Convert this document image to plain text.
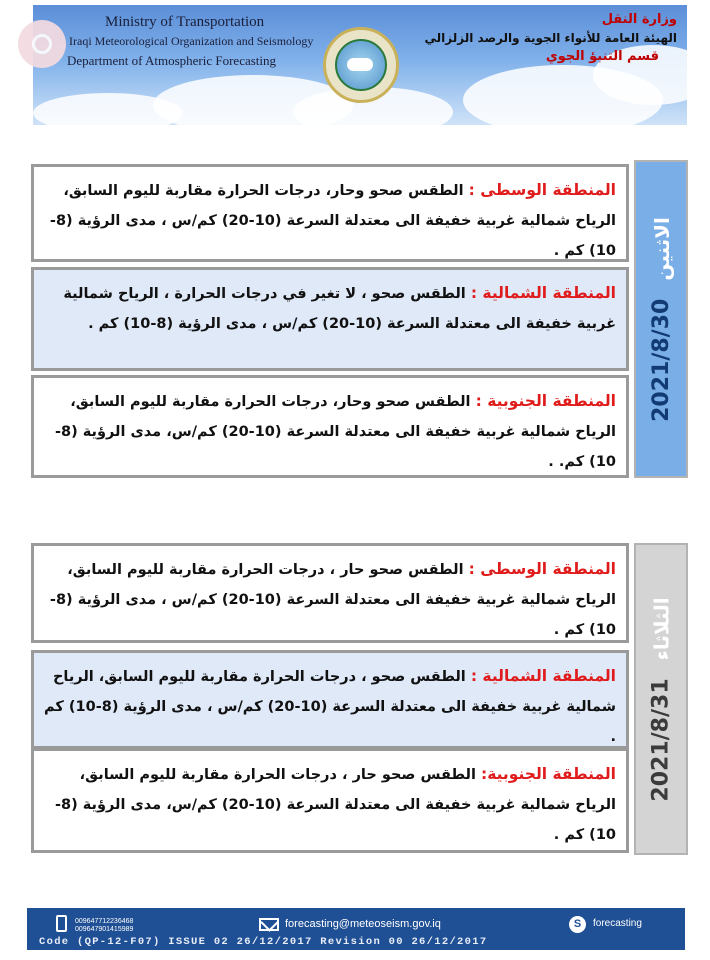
Ministry of Transportation
Iraqi Meteorological Organization and Seismology
Department of Atmospheric Forecasting
وزارة النقل
الهيئة العامة للأنواء الجوية والرصد الزلزالي
قسم التنبؤ الجوي
المنطقة الوسطى : الطقس صحو وحار، درجات الحرارة مقاربة لليوم السابق، الرياح شمالية غربية خفيفة الى معتدلة السرعة (10-20) كم/س ، مدى الرؤية (8-10) كم .
المنطقة الشمالية : الطقس صحو ، لا تغير في درجات الحرارة ، الرياح شمالية غربية خفيفة الى معتدلة السرعة (10-20) كم/س ، مدى الرؤية (8-10) كم .
المنطقة الجنوبية : الطقس صحو وحار، درجات الحرارة مقاربة لليوم السابق، الرياح شمالية غربية خفيفة الى معتدلة السرعة (10-20) كم/س، مدى الرؤية (8-10) كم. .
2021/8/30
الاثنين
المنطقة الوسطى : الطقس صحو حار ، درجات الحرارة مقاربة لليوم السابق، الرياح شمالية غربية خفيفة الى معتدلة السرعة (10-20) كم/س ، مدى الرؤية (8-10) كم .
المنطقة الشمالية : الطقس صحو ، درجات الحرارة مقاربة لليوم السابق، الرياح شمالية غربية خفيفة الى معتدلة السرعة (10-20) كم/س ، مدى الرؤية (8-10) كم .
المنطقة الجنوبية: الطقس صحو حار ، درجات الحرارة مقاربة لليوم السابق، الرياح شمالية غربية خفيفة الى معتدلة السرعة (10-20) كم/س، مدى الرؤية (8-10) كم .
2021/8/31
الثلاثاء
009647712236468
009647901415989	forecasting@meteoseism.gov.iq	S	forecasting
Code (QP-12-F07) ISSUE 02 26/12/2017 Revision 00 26/12/2017
